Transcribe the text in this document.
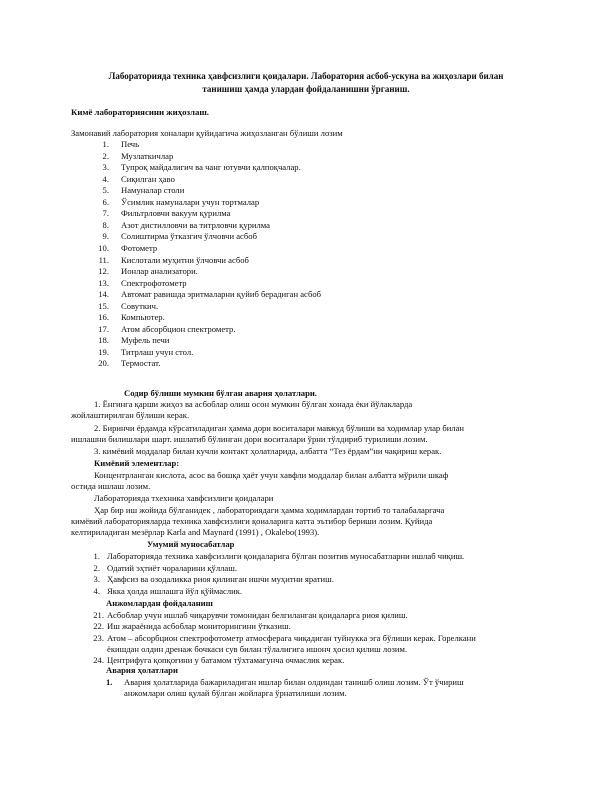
Лабораторияда техника ҳавфсизлиги қоидалари. Лаборатория асбоб-ускуна ва жиҳозлари билан
танишиш ҳамда улардан фойдаланишни ўрганиш.
Кимё лабораториясини жиҳозлаш.
Замонавий лаборатория хоналари қуйидагича жиҳозланган бўлиши лозим
1. Печь
2. Музлаткичлар
3. Тупроқ майдалигич ва чанг ютувчи қалпоқчалар.
4. Сиқилган ҳаво
5. Намуналар столи
6. Ўсимлик намуналари учун тортмалар
7. Фильтрловчи вакуум қурилма
8. Азот дистилловчи ва титрловчи қурилма
9. Солиштирма ўтказгич ўлчовчи асбоб
10. Фотометр
11. Кислотали муҳитни ўлчовчи асбоб
12. Ионлар анализатори.
13. Спектрофотометр
14. Автомат равишда эритмаларни қуйиб берадиган асбоб
15. Совуткич.
16. Компьютер.
17. Атом абсорбцион спектрометр.
18. Муфель печи
19. Титрлаш учун стол.
20. Термостат.
Содир бўлиши мумкин бўлган авария ҳолатлари.
1. Ёнгинга қарши жиҳоз ва асбоблар олиш осон мумкин бўлган хонада ёки йўлакларда
жойлаштирилган бўлиши керак.
2. Биринчи ёрдамда кўрсатиладиган ҳамма дори воситалари мавжуд бўлиши ва ходимлар улар билан
ишлашни билишлари шарт. ишлатиб бўлинган дори воситалари ўрни тўлдириб турилиши лозим.
3. кимёвий моддалар билан кучли контакт ҳолатларида, албатта “Тез ёрдам”ни чақириш керак.
Кимёвий элементлар:
Концентрланган кислота, асос ва бошқа ҳаёт учун хавфли моддалар билан албатта мўрили шкаф
остида ишлаш лозим.
Лабораторияда тxехника хавфсизлиги қоидалари
Ҳар бир иш жойида бўлганидек , лабораториядаги ҳамма ходимлардан тортиб то талабаларгача
кимёвий лабораторияларда техника хавфсизлиги қоиаларига катта эътибор бериши лозим. Қуйида
келтириладиган мезёрлар Karla and Maynard (1991) , Okalebo(1993).
Умумий муносабатлар
1. Лабораторияда техника хавфсизлиги қоидаларига бўлган позитив муносабатларни ишлаб чиқиш.
2. Одатий эҳтиёт чораларини қўллаш.
3. Ҳавфсиз ва озодаликка риоя қилинган ишчи муҳитни яратиш.
4. Якка ҳолда ишлашга йўл қўймаслик.
Анжомлардан фойдаланиш
21. Асбоблар учун ишлаб чиқарувчи томонидан белгиланган қоидаларга риоя қилиш.
22. Иш жараёнида асбоблар мониторингини ўтказиш.
23. Атом – абсорбцион спектрофотометр атмосферага чиқадиган туйнукка эга бўлиши керак. Горелкани
ёкишдан олдин дренаж бочкаси сув билан тўлалигига ишонч ҳосил қилиш лозим.
24. Центрифуга қопқоғини у батамом тўхтамагунча очмаслик керак.
Авария ҳолатлари
1. Авария ҳолатларида бажариладиган ишлар билан олдиндан танишб олиш лозим. Ўт ўчириш
анжомлари олиш қулай бўлган жойларга ўрнатилиши лозим.
